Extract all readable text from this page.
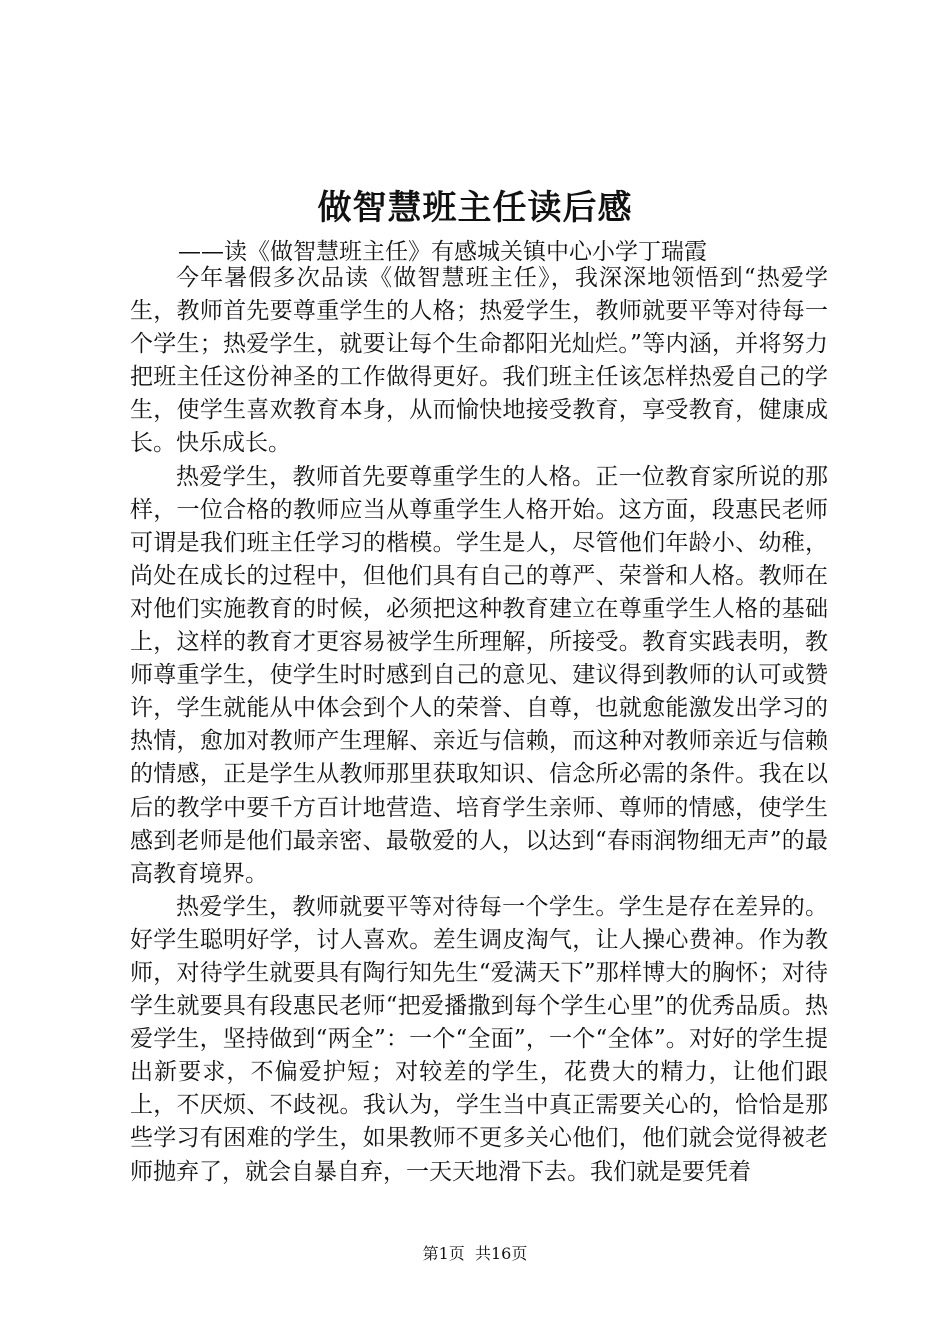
做智慧班主任读后感
——读《做智慧班主任》有感城关镇中心小学丁瑞霞

今年暑假多次品读《做智慧班主任》，我深深地领悟到“热爱学生，教师首先要尊重学生的人格；热爱学生，教师就要平等对待每一个学生；热爱学生，就要让每个生命都阳光灿烂。”等内涵，并将努力把班主任这份神圣的工作做得更好。我们班主任该怎样热爱自己的学生，使学生喜欢教育本身，从而愉快地接受教育，享受教育，健康成长。快乐成长。

热爱学生，教师首先要尊重学生的人格。正一位教育家所说的那样，一位合格的教师应当从尊重学生人格开始。这方面，段惠民老师可谓是我们班主任学习的楷模。学生是人，尽管他们年龄小、幼稚，尚处在成长的过程中，但他们具有自己的尊严、荣誉和人格。教师在对他们实施教育的时候，必须把这种教育建立在尊重学生人格的基础上，这样的教育才更容易被学生所理解，所接受。教育实践表明，教师尊重学生，使学生时时感到自己的意见、建议得到教师的认可或赞许，学生就能从中体会到个人的荣誉、自尊，也就愈能激发出学习的热情，愈加对教师产生理解、亲近与信赖，而这种对教师亲近与信赖的情感，正是学生从教师那里获取知识、信念所必需的条件。我在以后的教学中要千方百计地营造、培育学生亲师、尊师的情感，使学生感到老师是他们最亲密、最敬爱的人，以达到“春雨润物细无声”的最高教育境界。

热爱学生，教师就要平等对待每一个学生。学生是存在差异的。好学生聪明好学，讨人喜欢。差生调皮淘气，让人操心费神。作为教师，对待学生就要具有陶行知先生“爱满天下”那样博大的胸怀；对待学生就要具有段惠民老师“把爱播撒到每个学生心里”的优秀品质。热爱学生，坚持做到“两全”：一个“全面”，一个“全体”。对好的学生提出新要求，不偏爱护短；对较差的学生，花费大的精力，让他们跟上，不厌烦、不歧视。我认为，学生当中真正需要关心的，恰恰是那些学习有困难的学生，如果教师不更多关心他们，他们就会觉得被老师抛弃了，就会自暴自弃，一天天地滑下去。我们就是要凭着

第1页 共16页
